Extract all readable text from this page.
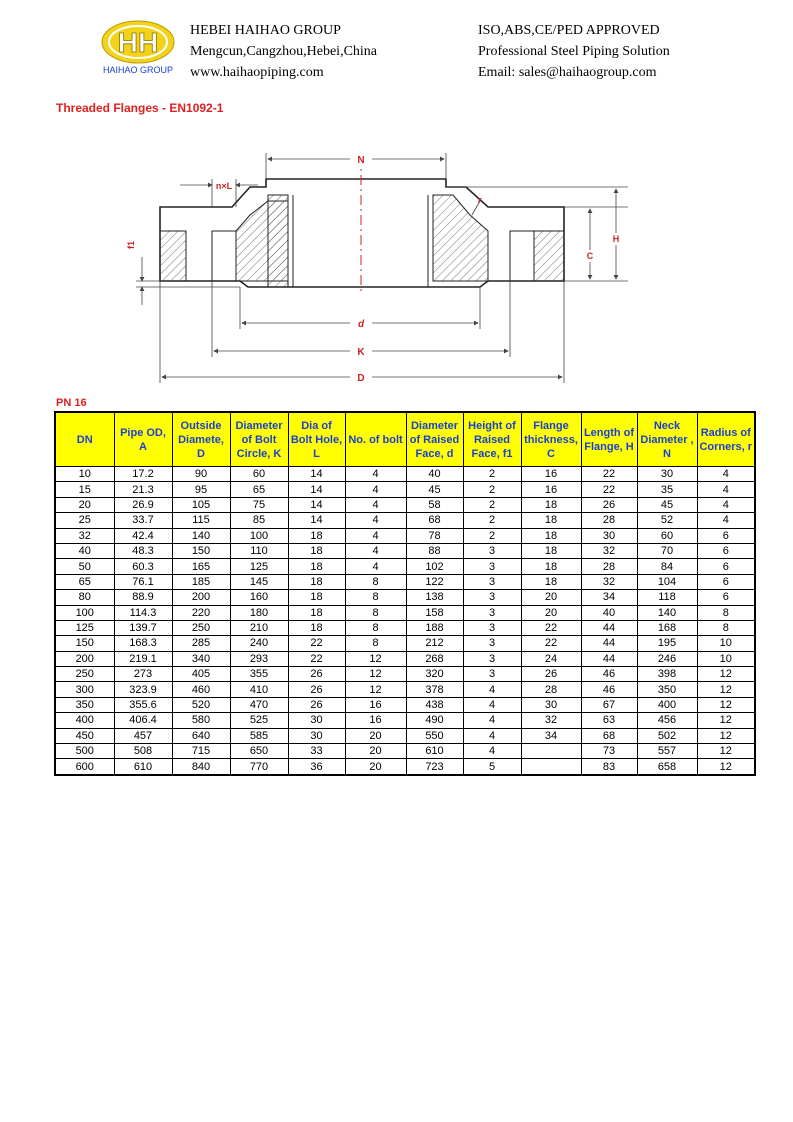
HH
HAIHAO GROUP
HEBEI HAIHAO GROUP
Mengcun,Cangzhou,Hebei,China
www.haihaopiping.com
ISO,ABS,CE/PED APPROVED
Professional Steel Piping Solution
Email: sales@haihaogroup.com
Threaded Flanges - EN1092-1
N
n×L
f1
r
C
H
d
K
D
PN 16
DN	Pipe OD, A	Outside Diamete, D	Diameter of Bolt Circle, K	Dia of Bolt Hole, L	No. of bolt	Diameter of Raised Face, d	Height of Raised Face, f1	Flange thickness, C	Length of Flange, H	Neck Diameter , N	Radius of Corners, r
10	17.2	90	60	14	4	40	2	16	22	30	4
15	21.3	95	65	14	4	45	2	16	22	35	4
20	26.9	105	75	14	4	58	2	18	26	45	4
25	33.7	115	85	14	4	68	2	18	28	52	4
32	42.4	140	100	18	4	78	2	18	30	60	6
40	48.3	150	110	18	4	88	3	18	32	70	6
50	60.3	165	125	18	4	102	3	18	28	84	6
65	76.1	185	145	18	8	122	3	18	32	104	6
80	88.9	200	160	18	8	138	3	20	34	118	6
100	114.3	220	180	18	8	158	3	20	40	140	8
125	139.7	250	210	18	8	188	3	22	44	168	8
150	168.3	285	240	22	8	212	3	22	44	195	10
200	219.1	340	293	22	12	268	3	24	44	246	10
250	273	405	355	26	12	320	3	26	46	398	12
300	323.9	460	410	26	12	378	4	28	46	350	12
350	355.6	520	470	26	16	438	4	30	67	400	12
400	406.4	580	525	30	16	490	4	32	63	456	12
450	457	640	585	30	20	550	4	34	68	502	12
500	508	715	650	33	20	610	4		73	557	12
600	610	840	770	36	20	723	5		83	658	12
